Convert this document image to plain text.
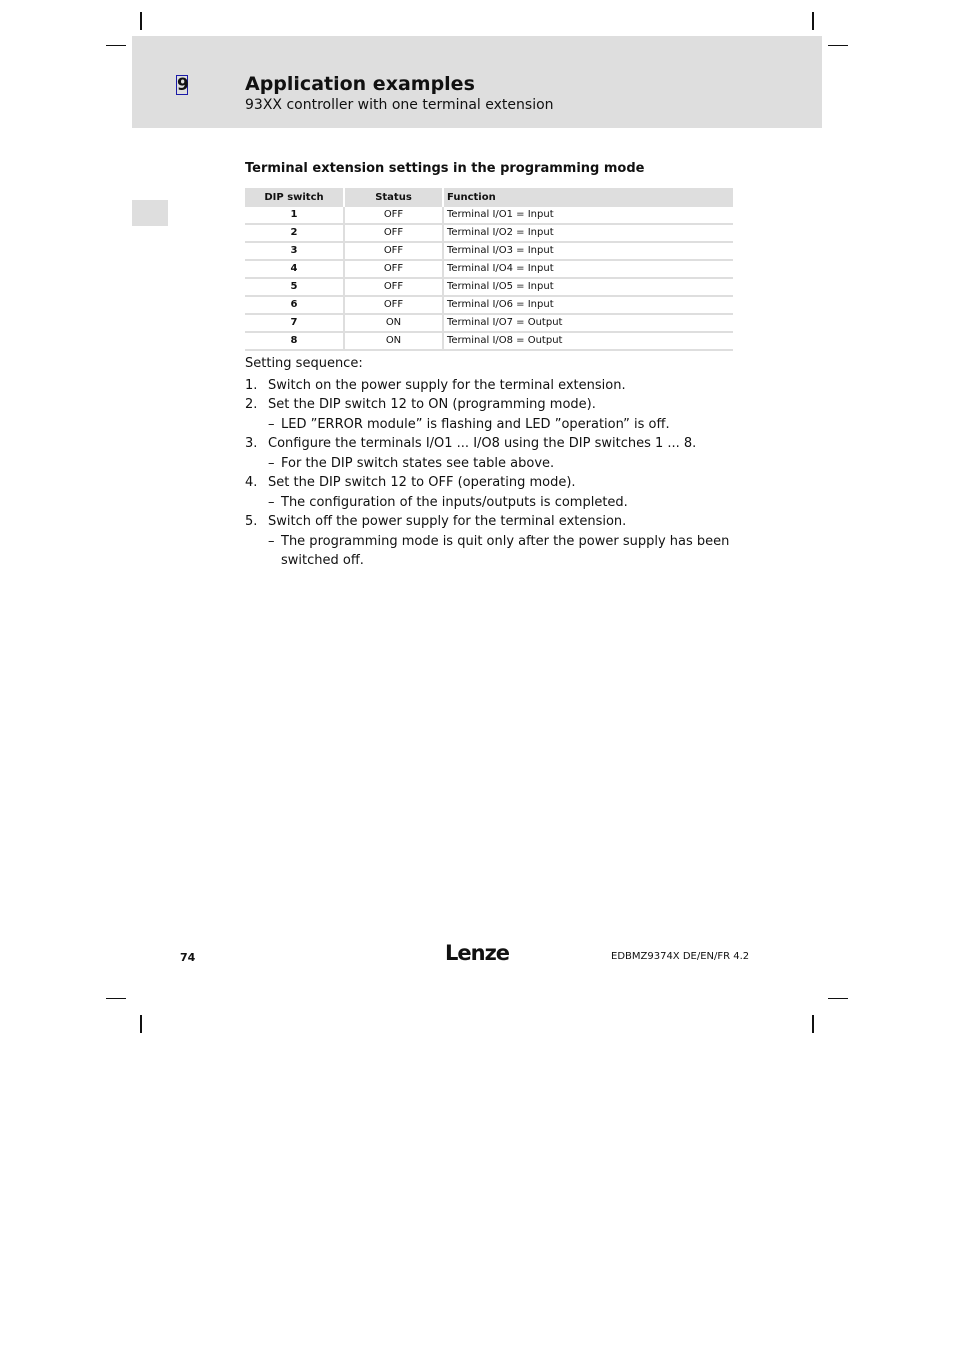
9	Application examples
93XX controller with one terminal extension
Terminal extension settings in the programming mode
DIP switch	Status	Function
1	OFF	Terminal I/O1 = Input
2	OFF	Terminal I/O2 = Input
3	OFF	Terminal I/O3 = Input
4	OFF	Terminal I/O4 = Input
5	OFF	Terminal I/O5 = Input
6	OFF	Terminal I/O6 = Input
7	ON	Terminal I/O7 = Output
8	ON	Terminal I/O8 = Output
Setting sequence:
1. Switch on the power supply for the terminal extension.
2. Set the DIP switch 12 to ON (programming mode).
– LED ”ERROR module” is flashing and LED ”operation” is off.
3. Configure the terminals I/O1 ... I/O8 using the DIP switches 1 ... 8.
– For the DIP switch states see table above.
4. Set the DIP switch 12 to OFF (operating mode).
– The configuration of the inputs/outputs is completed.
5. Switch off the power supply for the terminal extension.
– The programming mode is quit only after the power supply has been switched off.
74	Lenze	EDBMZ9374X DE/EN/FR 4.2
